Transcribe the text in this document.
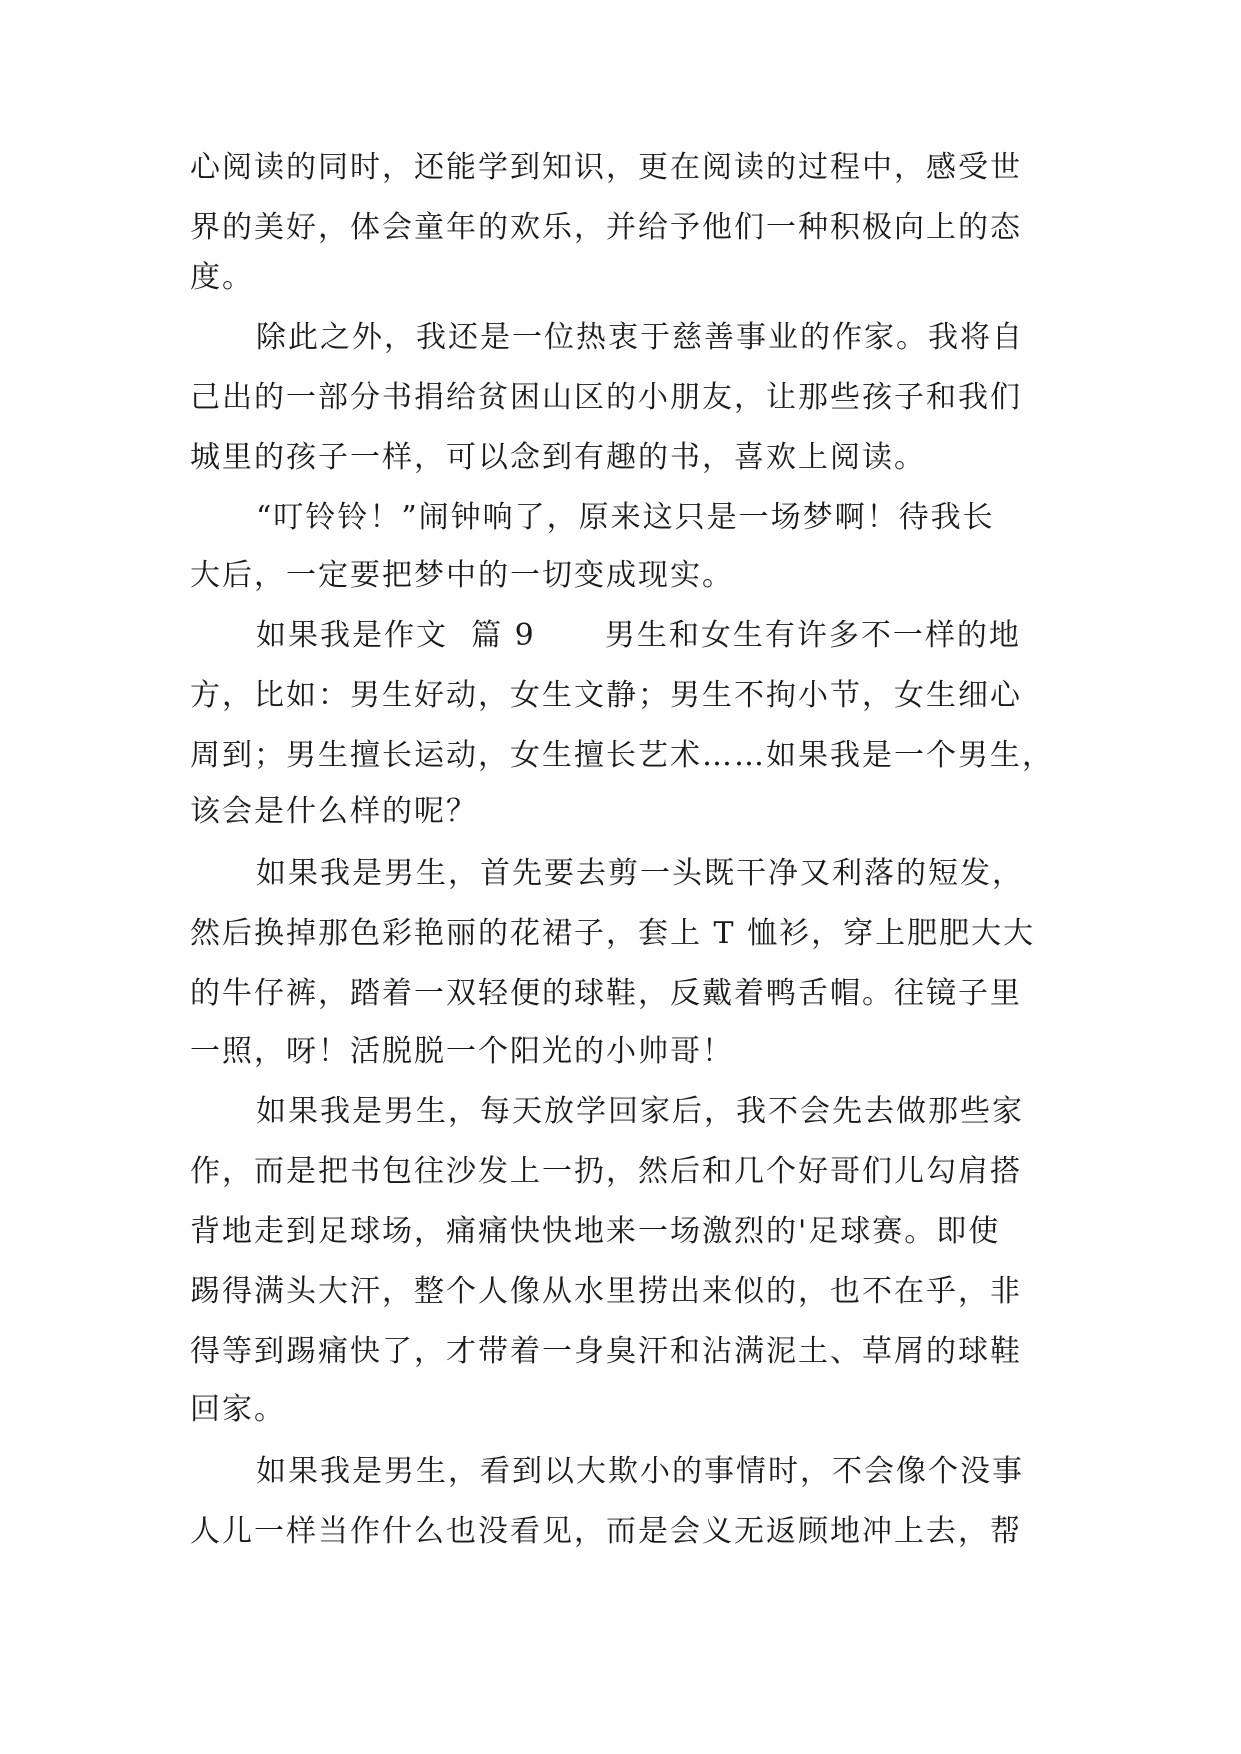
心阅读的同时，还能学到知识，更在阅读的过程中，感受世
界的美好，体会童年的欢乐，并给予他们一种积极向上的态
度。
除此之外，我还是一位热衷于慈善事业的作家。我将自
己出的一部分书捐给贫困山区的小朋友，让那些孩子和我们
城里的孩子一样，可以念到有趣的书，喜欢上阅读。
“叮铃铃！”闹钟响了，原来这只是一场梦啊！待我长
大后，一定要把梦中的一切变成现实。
如果我是作文  篇 9      男生和女生有许多不一样的地
方，比如：男生好动，女生文静；男生不拘小节，女生细心
周到；男生擅长运动，女生擅长艺术……如果我是一个男生，
该会是什么样的呢？
如果我是男生，首先要去剪一头既干净又利落的短发，
然后换掉那色彩艳丽的花裙子，套上 T 恤衫，穿上肥肥大大
的牛仔裤，踏着一双轻便的球鞋，反戴着鸭舌帽。往镜子里
一照，呀！活脱脱一个阳光的小帅哥！
如果我是男生，每天放学回家后，我不会先去做那些家
作，而是把书包往沙发上一扔，然后和几个好哥们儿勾肩搭
背地走到足球场，痛痛快快地来一场激烈的'足球赛。即使
踢得满头大汗，整个人像从水里捞出来似的，也不在乎，非
得等到踢痛快了，才带着一身臭汗和沾满泥土、草屑的球鞋
回家。
如果我是男生，看到以大欺小的事情时，不会像个没事
人儿一样当作什么也没看见，而是会义无返顾地冲上去，帮
